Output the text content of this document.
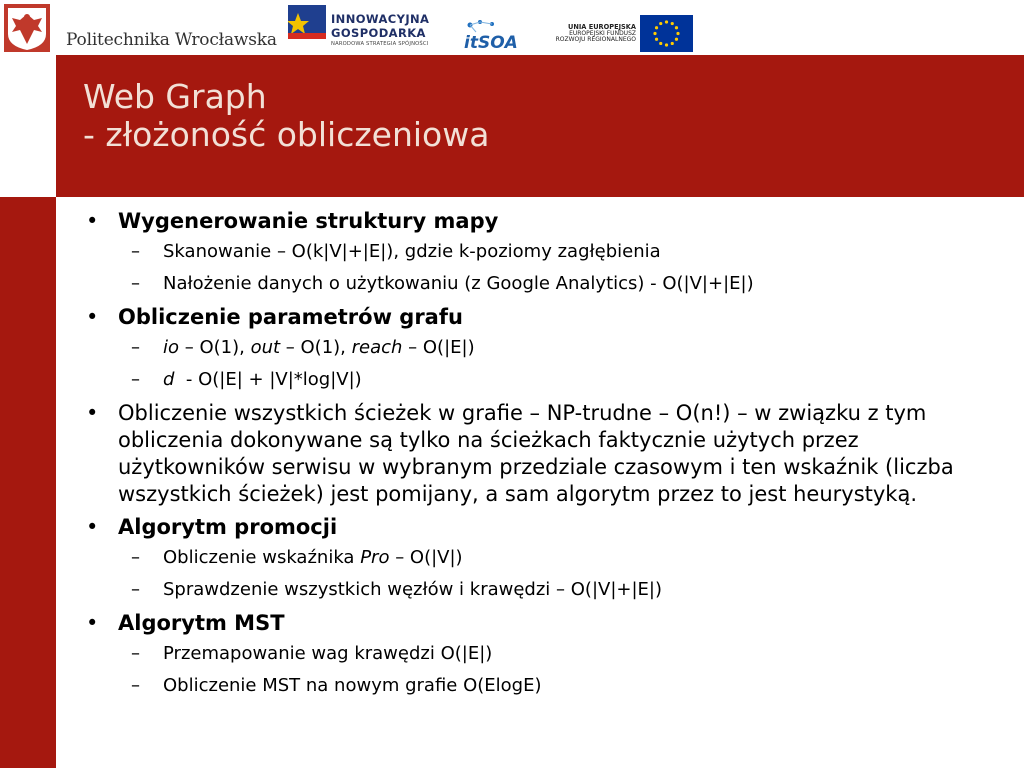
Politechnika Wrocławska
INNOWACYJNA
GOSPODARKA
NARODOWA STRATEGIA SPÓJNOŚCI	itSOA
UNIA EUROPEJSKA
EUROPEJSKI FUNDUSZ
ROZWOJU REGIONALNEGO
Web Graph
- złożoność obliczeniowa
• Wygenerowanie struktury mapy
– Skanowanie – O(k|V|+|E|), gdzie k-poziomy zagłębienia
– Nałożenie danych o użytkowaniu (z Google Analytics) - O(|V|+|E|)
• Obliczenie parametrów grafu
– io – O(1), out – O(1), reach – O(|E|)
– d  - O(|E| + |V|*log|V|)
• Obliczenie wszystkich ścieżek w grafie – NP-trudne – O(n!) – w związku z tym obliczenia dokonywane są tylko na ścieżkach faktycznie użytych przez użytkowników serwisu w wybranym przedziale czasowym i ten wskaźnik (liczba wszystkich ścieżek) jest pomijany, a sam algorytm przez to jest heurystyką.
• Algorytm promocji
– Obliczenie wskaźnika Pro – O(|V|)
– Sprawdzenie wszystkich węzłów i krawędzi – O(|V|+|E|)
• Algorytm MST
– Przemapowanie wag krawędzi O(|E|)
– Obliczenie MST na nowym grafie O(ElogE)
